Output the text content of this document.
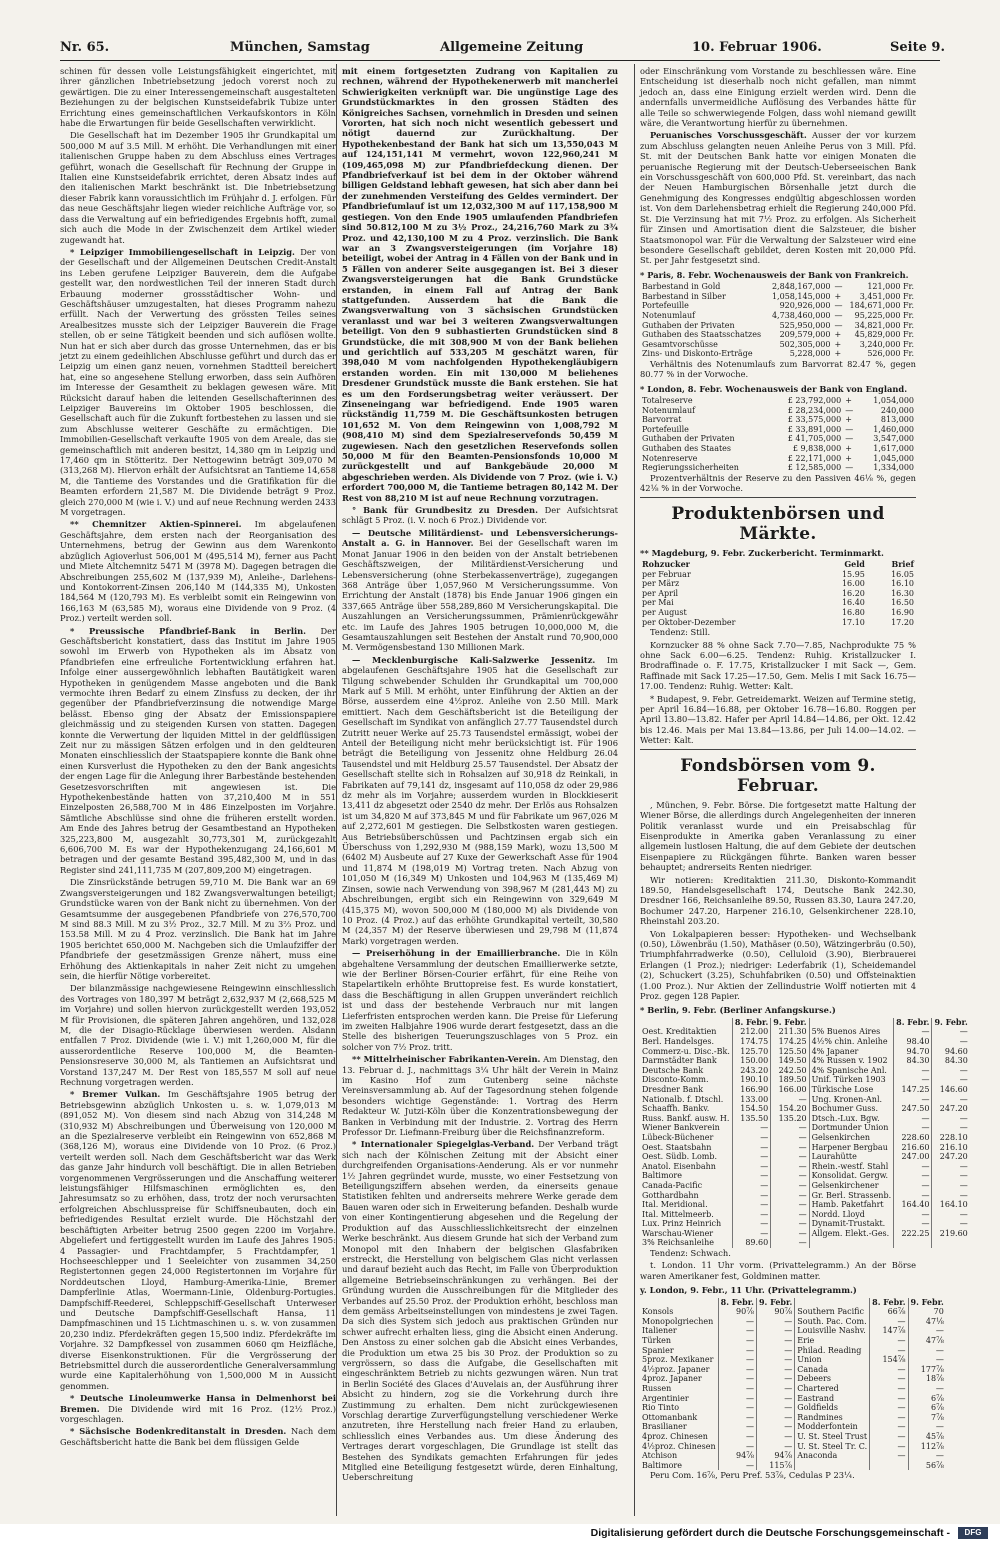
Nr. 65.	München, Samstag	Allgemeine Zeitung	10. Februar 1906.	Seite 9.

schinen für dessen volle Leistungsfähigkeit eingerichtet, mit ihrer gänzlichen Inbetriebsetzung jedoch vorerst noch zu gewärtigen. Die zu einer Interessengemeinschaft ausgestalteten Beziehungen zu der belgischen Kunstseidefabrik Tubize unter Errichtung eines gemeinschaftlichen Verkaufskontors in Köln habe die Erwartungen für beide Gesellschaften verwirklicht.

Die Gesellschaft hat im Dezember 1905 ihr Grundkapital um 500,000 M auf 3.5 Mill. M erhöht. Die Verhandlungen mit einer italienischen Gruppe haben zu dem Abschluss eines Vertrages geführt, wonach die Gesellschaft für Rechnung der Gruppe in Italien eine Kunstseidefabrik errichtet, deren Absatz indes auf den italienischen Markt beschränkt ist. Die Inbetriebsetzung dieser Fabrik kann voraussichtlich im Frühjahr d. J. erfolgen. Für das neue Geschäftsjahr liegen wieder reichliche Aufträge vor, so dass die Verwaltung auf ein befriedigendes Ergebnis hofft, zumal sich auch die Mode in der Zwischenzeit dem Artikel wieder zugewandt hat.

* Leipziger Immobiliengesellschaft in Leipzig. Der von der Gesellschaft und der Allgemeinen Deutschen Credit-Anstalt ins Leben gerufene Leipziger Bauverein, dem die Aufgabe gestellt war, den nordwestlichen Teil der inneren Stadt durch Erbauung moderner grossstädtischer Wohn- und Geschäftshäuser umzugestalten, hat dieses Programm nahezu erfüllt. Nach der Verwertung des grössten Teiles seines Arealbesitzes musste sich der Leipziger Bauverein die Frage stellen, ob er seine Tätigkeit beenden und sich auflösen wollte. Nun hat er sich aber durch das grosse Unternehmen, das er bis jetzt zu einem gedeihlichen Abschlusse geführt und durch das er Leipzig um einen ganz neuen, vornehmen Stadtteil bereichert hat, eine so angesehene Stellung erworben, dass sein Aufhören im Interesse der Gesamtheit zu beklagen gewesen wäre. Mit Rücksicht darauf haben die leitenden Gesellschafterinnen des Leipziger Bauvereins im Oktober 1905 beschlossen, die Gesellschaft auch für die Zukunft fortbestehen zu lassen und sie zum Abschlusse weiterer Geschäfte zu ermächtigen. Die Immobilien-Gesellschaft verkaufte 1905 von dem Areale, das sie gemeinschaftlich mit anderen besitzt, 14,380 qm in Leipzig und 17,460 qm in Stötteritz. Der Nettogewinn beträgt 309,070 M (313,268 M). Hiervon erhält der Aufsichtsrat an Tantieme 14,658 M, die Tantieme des Vorstandes und die Gratifikation für die Beamten erfordern 21,587 M. Die Dividende beträgt 9 Proz. gleich 270,000 M (wie i. V.) und auf neue Rechnung werden 2433 M vorgetragen.

** Chemnitzer Aktien-Spinnerei. Im abgelaufenen Geschäftsjahre, dem ersten nach der Reorganisation des Unternehmens, betrug der Gewinn aus dem Warenkonto abzüglich Agioverlust 506,001 M (495,514 M), ferner aus Pacht und Miete Altchemnitz 5471 M (3978 M). Dagegen betragen die Abschreibungen 255,602 M (137,939 M), Anleihe-, Darlehens- und Kontokorrent-Zinsen 206,140 M (144,335 M), Unkosten 184,564 M (120,793 M). Es verbleibt somit ein Reingewinn von 166,163 M (63,585 M), woraus eine Dividende von 9 Proz. (4 Proz.) verteilt werden soll.

* Preussische Pfandbrief-Bank in Berlin. Der Geschäftsbericht konstatiert, dass das Institut im Jahre 1905 sowohl im Erwerb von Hypotheken als im Absatz von Pfandbriefen eine erfreuliche Fortentwicklung erfahren hat. Infolge einer aussergewöhnlich lebhaften Bautätigkeit waren Hypotheken in genügendem Masse angeboten und die Bank vermochte ihren Bedarf zu einem Zinsfuss zu decken, der ihr gegenüber der Pfandbriefverzinsung die notwendige Marge belässt. Ebenso ging der Absatz der Emissionspapiere gleichmässig und zu steigenden Kursen von statten. Dagegen konnte die Verwertung der liquiden Mittel in der geldflüssigen Zeit nur zu mässigen Sätzen erfolgen und in den geldteuren Monaten einschliesslich der Staatspapiere konnte die Bank ohne einen Kursverlust die Hypotheken zu den der Bank angesichts der engen Lage für die Anlegung ihrer Barbestände bestehenden Gesetzesvorschriften mit angewiesen ist. Die Hypothekenbestände hatten von 37,210,400 M in 551 Einzelposten 26,588,700 M in 486 Einzelposten im Vorjahre. Sämtliche Abschlüsse sind ohne die früheren erstellt worden. Am Ende des Jahres betrug der Gesamtbestand an Hypotheken 325,223,800 M, ausgezahlt 30,773,301 M, zurückgezahlt 6,606,700 M. Es war der Hypothekenzugang 24,166,601 M betragen und der gesamte Bestand 395,482,300 M, und in das Register sind 241,111,735 M (207,809,200 M) eingetragen.

Die Zinsrückstände betrugen 59,710 M. Die Bank war an 69 Zwangsversteigerungen und 182 Zwangsverwaltungen beteiligt; Grundstücke waren von der Bank nicht zu übernehmen. Von der Gesamtsumme der ausgegebenen Pfandbriefe von 276,570,700 M sind 88.3 Mill. M zu 3½ Proz., 32.7 Mill. M zu 3⅔ Proz. und 153.58 Mill. M zu 4 Proz. verzinslich. Die Bank hat im Jahre 1905 berichtet 650,000 M. Nachgeben sich die Umlaufziffer der Pfandbriefe der gesetzmässigen Grenze nähert, muss eine Erhöhung des Aktienkapitals in naher Zeit nicht zu umgehen sein, die hierfür Nötige vorbereitet.

Der bilanzmässige nachgewiesene Reingewinn einschliesslich des Vortrages von 180,397 M beträgt 2,632,937 M (2,668,525 M im Vorjahre) und sollen hiervon zurückgestellt werden 193,052 M für Provisionen, die späteren Jahren angehören, und 132,028 M, die der Disagio-Rücklage überwiesen werden. Alsdann entfallen 7 Proz. Dividende (wie i. V.) mit 1,260,000 M, für die ausserordentliche Reserve 100,000 M, die Beamten-Pensionsreserve 30,000 M, als Tantiemen an Aufsichtsrat und Vorstand 137,247 M. Der Rest von 185,557 M soll auf neue Rechnung vorgetragen werden.

* Bremer Vulkan. Im Geschäftsjahre 1905 betrug der Betriebsgewinn abzüglich Unkosten u. s. w. 1,079,013 M (891,052 M). Von diesem sind nach Abzug von 314,248 M (310,932 M) Abschreibungen und Überweisung von 120,000 M an die Spezialreserve verbleibt ein Reingewinn von 652,868 M (368,126 M), woraus eine Dividende von 10 Proz. (6 Proz.) verteilt werden soll. Nach dem Geschäftsbericht war das Werk das ganze Jahr hindurch voll beschäftigt. Die in allen Betrieben vorgenommenen Vergrösserungen und die Anschaffung weiterer leistungsfähiger Hilfsmaschinen ermöglichten es, den Jahresumsatz so zu erhöhen, dass, trotz der noch verursachten erfolgreichen Abschlusspreise für Schiffsneubauten, doch ein befriedigendes Resultat erzielt wurde. Die Höchstzahl der beschäftigten Arbeiter betrug 2500 gegen 2200 im Vorjahre. Abgeliefert und fertiggestellt wurden im Laufe des Jahres 1905: 4 Passagier- und Frachtdampfer, 5 Frachtdampfer, 1 Hochseeschlepper und 1 Seeleichter von zusammen 34,250 Registertonnen gegen 24,000 Registertonnen im Vorjahre für Norddeutschen Lloyd, Hamburg-Amerika-Linie, Bremer Dampferlinie Atlas, Woermann-Linie, Oldenburg-Portugies. Dampfschiff-Reederei, Schleppschiff-Gesellschaft Unterweser und Deutsche Dampfschiff-Gesellschaft Hansa, 11 Dampfmaschinen und 15 Lichtmaschinen u. s. w. von zusammen 20,230 indiz. Pferdekräften gegen 15,500 indiz. Pferdekräfte im Vorjahre. 32 Dampfkessel von zusammen 6060 qm Heizfläche, diverse Eisenkonstruktionen. Für die Vergrösserung der Betriebsmittel durch die ausserordentliche Generalversammlung wurde eine Kapitalerhöhung von 1,500,000 M in Aussicht genommen.

* Deutsche Linoleumwerke Hansa in Delmenhorst bei Bremen. Die Dividende wird mit 16 Proz. (12½ Proz.) vorgeschlagen.

* Sächsische Bodenkreditanstalt in Dresden. Nach dem Geschäftsbericht hatte die Bank bei dem flüssigen Gelde

mit einem fortgesetzten Zudrang von Kapitalien zu rechnen, während der Hypothekenerwerb mit mancherlei Schwierigkeiten verknüpft war. Die ungünstige Lage des Grundstückmarktes in den grossen Städten des Königreiches Sachsen, vornehmlich in Dresden und seinen Vororten, hat sich noch nicht wesentlich gebessert und nötigt dauernd zur Zurückhaltung. Der Hypothekenbestand der Bank hat sich um 13,550,043 M auf 124,151,141 M vermehrt, wovon 122,960,241 M (109,465,098 M) zur Pfandbriefdeckung dienen. Der Pfandbriefverkauf ist bei dem in der Oktober während billigen Geldstand lebhaft gewesen, hat sich aber dann bei der zunehmenden Versteifung des Geldes vermindert. Der Pfandbriefumlauf ist um 12,032,300 M auf 117,158,900 M gestiegen. Von den Ende 1905 umlaufenden Pfandbriefen sind 50.812,100 M zu 3½ Proz., 24,216,760 Mark zu 3¾ Proz. und 42,130,100 M zu 4 Proz. verzinslich. Die Bank war an 3 Zwangsversteigerungen (im Vorjahre 18) beteiligt, wobei der Antrag in 4 Fällen von der Bank und in 5 Fällen von anderer Seite ausgegangen ist. Bei 3 dieser Zwangsversteigerungen hat die Bank Grundstücke erstanden, in einem Fall auf Antrag der Bank stattgefunden. Ausserdem hat die Bank die Zwangsverwaltung von 3 sächsischen Grundstücken veranlasst und war bei 3 weiteren Zwangsverwaltungen beteiligt. Von den 9 subhastierten Grundstücken sind 8 Grundstücke, die mit 308,900 M von der Bank beliehen und gerichtlich auf 533,205 M geschätzt waren, für 398,040 M vom nachfolgenden Hypothekengläubigern erstanden worden. Ein mit 130,000 M beliehenes Dresdener Grundstück musste die Bank erstehen. Sie hat es um den Fordserungsbetrag weiter veräussert. Der Zinseneingang war befriedigend. Ende 1905 waren rückständig 11,759 M. Die Geschäftsunkosten betrugen 101,652 M. Von dem Reingewinn von 1,008,792 M (908,410 M) sind dem Spezialreservefonds 50,459 M zugewiesen. Nach den gesetzlichen Reservefonds sollen 50,000 M für den Beamten-Pensionsfonds 10,000 M zurückgestellt und auf Bankgebäude 20,000 M abgeschrieben werden. Als Dividende von 7 Proz. (wie i. V.) erfordert 700,000 M, die Tantieme betragen 80,142 M. Der Rest von 88,210 M ist auf neue Rechnung vorzutragen.

° Bank für Grundbesitz zu Dresden. Der Aufsichtsrat schlägt 5 Proz. (i. V. noch 6 Proz.) Dividende vor.

— Deutsche Militärdienst- und Lebensversicherungs-Anstalt a. G. in Hannover. Bei der Gesellschaft waren im Monat Januar 1906 in den beiden von der Anstalt betriebenen Geschäftszweigen, der Militärdienst-Versicherung und Lebensversicherung (ohne Sterbekassenverträge), zugegangen 368 Anträge über 1,057,960 M Versicherungssumme. Von Errichtung der Anstalt (1878) bis Ende Januar 1906 gingen ein 337,665 Anträge über 558,289,860 M Versicherungskapital. Die Auszahlungen an Versicherungssummen, Prämienrückgewähr etc. im Laufe des Jahres 1905 betrugen 10,000,000 M, die Gesamtauszahlungen seit Bestehen der Anstalt rund 70,900,000 M. Vermögensbestand 130 Millionen Mark.

— Mecklenburgische Kali-Salzwerke Jessenitz. Im abgelaufenen Geschäftsjahre 1905 hat die Gesellschaft zur Tilgung schwebender Schulden ihr Grundkapital um 700,000 Mark auf 5 Mill. M erhöht, unter Einführung der Aktien an der Börse, ausserdem eine 4½proz. Anleihe von 2.50 Mill. Mark emittiert. Nach dem Geschäftsbericht ist die Beteiligung der Gesellschaft im Syndikat von anfänglich 27.77 Tausendstel durch Zutritt neuer Werke auf 25.73 Tausendstel ermässigt, wobei der Anteil der Beteiligung nicht mehr berücksichtigt ist. Für 1906 beträgt die Beteiligung von Jessenitz ohne Heldburg 26.04 Tausendstel und mit Heldburg 25.57 Tausendstel. Der Absatz der Gesellschaft stellte sich in Rohsalzen auf 30,918 dz Reinkali, in Fabrikaten auf 79,141 dz, insgesamt auf 110,058 dz oder 29,986 dz mehr als im Vorjahre; ausserdem wurden in Blockkieserit 13,411 dz abgesetzt oder 2540 dz mehr. Der Erlös aus Rohsalzen ist um 34,820 M auf 373,845 M und für Fabrikate um 967,026 M auf 2,272,601 M gestiegen. Die Selbstkosten waren gestiegen. Aus Betriebsüberschüssen und Pachtzinsen ergab sich ein Überschuss von 1,292,930 M (988,159 Mark), wozu 13,500 M (6402 M) Ausbeute auf 27 Kuxe der Gewerkschaft Asse für 1904 und 11,874 M (198,019 M) Vortrag treten. Nach Abzug von 101,050 M (16,349 M) Unkosten und 104,963 M (135,469 M) Zinsen, sowie nach Verwendung von 398,967 M (281,443 M) zu Abschreibungen, ergibt sich ein Reingewinn von 329,649 M (415,375 M), wovon 500,000 M (180,000 M) als Dividende von 10 Proz. (4 Proz.) auf das erhöhte Grundkapital verteilt, 30,580 M (24,357 M) der Reserve überwiesen und 29,798 M (11,874 Mark) vorgetragen werden.

— Preiserhöhung in der Emaillierbranche. Die in Köln abgehaltene Versammlung der deutschen Emaillierwerke setzte, wie der Berliner Börsen-Courier erfährt, für eine Reihe von Stapelartikeln erhöhte Bruttopreise fest. Es wurde konstatiert, dass die Beschäftigung in allen Gruppen unverändert reichlich ist und dass der bestehende Verbrauch nur mit langen Lieferfristen entsprochen werden kann. Die Preise für Lieferung im zweiten Halbjahre 1906 wurde derart festgesetzt, dass an die Stelle des bisherigen Teuerungszuschlages von 5 Proz. ein solcher von 7½ Proz. tritt.

** Mittelrheinischer Fabrikanten-Verein. Am Dienstag, den 13. Februar d. J., nachmittags 3¼ Uhr hält der Verein in Mainz im Kasino Hof zum Gutenberg seine nächste Vereinsversammlung ab. Auf der Tagesordnung stehen folgende besonders wichtige Gegenstände: 1. Vortrag des Herrn Redakteur W. Jutzi-Köln über die Konzentrationsbewegung der Banken in Verbindung mit der Industrie. 2. Vortrag des Herrn Professor Dr. Liefmann-Freiburg über die Reichsfinanzreform.

* Internationaler Spiegelglas-Verband. Der Verband trägt sich nach der Kölnischen Zeitung mit der Absicht einer durchgreifenden Organisations-Aenderung. Als er vor nunmehr 1½ Jahren gegründet wurde, musste, wo einer Festsetzung von Beteiligungsziffern absehen werden, da einerseits genaue Statistiken fehlten und andrerseits mehrere Werke gerade dem Bauen waren oder sich in Erweiterung befanden. Deshalb wurde von einer Kontingentierung abgesehen und die Regelung der Produktion auf das Ausschliesslichkeitsrecht der einzelnen Werke beschränkt. Aus diesem Grunde hat sich der Verband zum Monopol mit den Inhabern der belgischen Glasfabriken erstreckt, die Herstellung von belgischem Glas nicht verlassen und darauf bezieht auch das Recht, im Falle von Überproduktion allgemeine Betriebseinschränkungen zu verhängen. Bei der Gründung wurden die Ausschreibungen für die Mitglieder des Verbandes auf 25.50 Proz. der Produktion erhöht, beschloss man dem gemäss Arbeitseinstellungen von mindestens je zwei Tagen. Da sich dies System sich jedoch aus praktischen Gründen nur schwer aufrecht erhalten liess, ging die Absicht einen Anderung. Den Anstoss zu einer solchen gab die Absicht eines Verbandes, die Produktion um etwa 25 bis 30 Proz. der Produktion so zu vergrössern, so dass die Aufgabe, die Gesellschaften mit eingeschränktem Betrieb zu nichts gezwungen wären. Nun trat in Berlin Société des Glaces d'Auvelais an, der Ausführung ihrer Absicht zu hindern, zog sie die Vorkehrung durch ihre Zustimmung zu erhalten. Dem nicht zurückgewiesenen Vorschlag derartige Zurverfügungstellung verschiedener Werke anzutreten, ihre Herstellung nach freier Hand zu erlauben, schliesslich eines Verbandes aus. Um diese Änderung des Vertrages derart vorgeschlagen, Die Grundlage ist stellt das Bestehen des Syndikats gemachten Erfahrungen für jedes Mitglied eine Beteiligung festgesetzt würde, deren Einhaltung, Ueberschreitung

oder Einschränkung vom Vorstande zu beschliessen wäre. Eine Entscheidung ist dieserhalb noch nicht gefallen, man nimmt jedoch an, dass eine Einigung erzielt werden wird. Denn die andernfalls unvermeidliche Auflösung des Verbandes hätte für alle Teile so schwerwiegende Folgen, dass wohl niemand gewillt wäre, die Verantwortung hierfür zu übernehmen.

Peruanisches Vorschussgeschäft. Ausser der vor kurzem zum Abschluss gelangten neuen Anleihe Perus von 3 Mill. Pfd. St. mit der Deutschen Bank hatte vor einigen Monaten die peruanische Regierung mit der Deutsch-Ueberseeischen Bank ein Vorschussgeschäft von 600,000 Pfd. St. vereinbart, das nach der Neuen Hamburgischen Börsenhalle jetzt durch die Genehmigung des Kongresses endgültig abgeschlossen worden ist. Von dem Darlehensbetrag erhielt die Regierung 240,000 Pfd. St. Die Verzinsung hat mit 7½ Proz. zu erfolgen. Als Sicherheit für Zinsen und Amortisation dient die Salzsteuer, die bisher Staatsmonopol war. Für die Verwaltung der Salzsteuer wird eine besondere Gesellschaft gebildet, deren Kosten mit 20,000 Pfd. St. per Jahr festgesetzt sind.

* Paris, 8. Febr. Wochenausweis der Bank von Frankreich.
Barbestand in Gold	2,848,167,000	—	121,000 Fr.
Barbestand in Silber	1,058,145,000	+	3,451,000 Fr.
Portefeuille	920,926,000	—	184,671,000 Fr.
Notenumlauf	4,738,460,000	—	95,225,000 Fr.
Guthaben der Privaten	525,950,000	—	34,821,000 Fr.
Guthaben des Staatsschatzes	209,579,000	+	45,829,000 Fr.
Gesamtvorschüsse	502,305,000	+	3,240,000 Fr.
Zins- und Diskonto-Erträge	5,228,000	+	526,000 Fr.

Verhältnis des Notenumlaufs zum Barvorrat 82.47 %, gegen 80.77 % in der Vorwoche.

* London, 8. Febr. Wochenausweis der Bank von England.
Totalreserve	£ 23,792,000	+	1,054,000
Notenumlauf	£ 28,234,000	—	240,000
Barvorrat	£ 33,575,000	+	813,000
Portefeuille	£ 33,891,000	—	1,460,000
Guthaben der Privaten	£ 41,705,000	—	3,547,000
Guthaben des Staates	£ 9,838,000	+	1,617,000
Notenreserve	£ 22,171,000	+	1,045,000
Regierungssicherheiten	£ 12,585,000	—	1,334,000

Prozentverhältnis der Reserve zu den Passiven 46⅛ %, gegen 42⅛ % in der Vorwoche.

Produktenbörsen und Märkte.
** Magdeburg, 9. Febr. Zuckerbericht. Terminmarkt.
Rohzucker	Geld	Brief
per Februar	15.95	16.05
per März	16.00	16.10
per April	16.20	16.30
per Mai	16.40	16.50
per August	16.80	16.90
per Oktober-Dezember	17.10	17.20

Tendenz: Still.

Kornzucker 88 % ohne Sack 7.70—7.85, Nachprodukte 75 % ohne Sack 6.00—6.25. Tendenz: Ruhig. Kristallzucker I. Brodraffinade o. F. 17.75, Kristallzucker I mit Sack —, Gem. Raffinade mit Sack 17.25—17.50, Gem. Melis I mit Sack 16.75—17.00. Tendenz: Ruhig. Wetter: Kalt.

* Budapest, 9. Febr. Getreidemarkt. Weizen auf Termine stetig, per April 16.84—16.88, per Oktober 16.78—16.80. Roggen per April 13.80—13.82. Hafer per April 14.84—14.86, per Okt. 12.42 bis 12.46. Mais per Mai 13.84—13.86, per Juli 14.00—14.02. — Wetter: Kalt.

Fondsbörsen vom 9. Februar.

, München, 9. Febr. Börse. Die fortgesetzt matte Haltung der Wiener Börse, die allerdings durch Angelegenheiten der inneren Politik veranlasst wurde und ein Preisabschlag für Eisenprodukte in Amerika gaben Veranlassung zu einer allgemein lustlosen Haltung, die auf dem Gebiete der deutschen Eisenpapiere zu Rückgängen führte. Banken waren besser behauptet; andrerseits Renten niedriger.

Wir notieren: Kreditaktien 211.30, Diskonto-Kommandit 189.50, Handelsgesellschaft 174, Deutsche Bank 242.30, Dresdner 166, Reichsanleihe 89.50, Russen 83.30, Laura 247.20, Bochumer 247.20, Harpener 216.10, Gelsenkirchener 228.10, Rheinstahl 203.20.

Von Lokalpapieren besser: Hypotheken- und Wechselbank (0.50), Löwenbräu (1.50), Mathäser (0.50), Wätzingerbräu (0.50), Triumphfahrradwerke (0.50), Celluloid (3.90), Bierbrauerei Erlangen (1 Proz.); niedriger: Lederfabrik (1), Scheidemandel (2), Schuckert (3.25), Schuhfabriken (0.50) und Offsteinaktien (1.00 Proz.). Nur Aktien der Zellindustrie Wolff notierten mit 4 Proz. gegen 128 Papier.

* Berlin, 9. Febr. (Berliner Anfangskurse.)
	8. Febr.	9. Febr.		8. Febr.	9. Febr.
Oest. Kreditaktien	212.00	211.30	5% Buenos Aires	—	—
Berl. Handelsges.	174.75	174.25	4½% chin. Anleihe	98.40	—
Commerz-u. Disc.-Bk.	125.70	125.50	4% Japaner	94.70	94.60
Darmstädter Bank	150.00	149.50	4% Russen v. 1902	84.30	84.30
Deutsche Bank	243.20	242.50	4% Spanische Anl.	—	—
Disconto-Komm.	190.10	189.50	Unif. Türken 1903	—	—
Dresdner Bank	166.90	166.00	Türkische Lose	147.25	146.60
Nationalb. f. Dtschl.	133.00	—	Ung. Kronen-Anl.	—	—
Schaaffh. Bankv.	154.50	154.20	Bochumer Guss.	247.50	247.20
Russ. Bankf. ausw. H.	135.50	135.20	Dtsch.-Lux. Bgw.	—	—
Wiener Bankverein	—	—	Dortmunder Union	—	—
Lübeck-Büchener	—	—	Gelsenkirchen	228.60	228.10
Oest. Staatsbahn	—	—	Harpener Bergbau	216.60	216.10
Oest. Südb. Lomb.	—	—	Laurahütte	247.00	247.20
Anatol. Eisenbahn	—	—	Rhein.-westf. Stahl	—	—
Baltimore	—	—	Konsolidat. Gergw.	—	—
Canada-Pacific	—	—	Gelsenkirchener	—	—
Gotthardbahn	—	—	Gr. Berl. Strassenb.	—	—
Ital. Meridional.	—	—	Hamb. Paketfahrt	164.40	164.10
Ital. Mittelmeerb.	—	—	Nordd. Lloyd	—	—
Lux. Prinz Heinrich	—	—	Dynamit-Trustakt.	—	—
Warschau-Wiener	—	—	Allgem. Elekt.-Ges.	222.25	219.60
3% Reichsanleihe	89.60	—			

Tendenz: Schwach.

t. London. 11 Uhr vorm. (Privattelegramm.) An der Börse waren Amerikaner fest, Goldminen matter.

y. London, 9. Febr., 11 Uhr. (Privattelegramm.)
	8. Febr.	9. Febr.		8. Febr.	9. Febr.
Konsols	90⅞	90⅞	Southern Pacific	66⅞	70
Monopolgriechen	—	—	South. Pac. Com.	—	47⅛
Italiener	—	—	Louisville Nashv.	147⅞	—
Türken	—	—	Erie	—	47⅞
Spanier	—	—	Philad. Reading	—	—
5proz. Mexikaner	—	—	Union	154⅞	—
4½proz. Japaner	—	—	Canada	—	177⅞
4proz. Japaner	—	—	Debeers	—	18⅞
Russen	—	—	Chartered	—	—
Argentinier	—	—	Eastrand	—	6⅞
Rio Tinto	—	—	Goldfields	—	6⅞
Ottomanbank	—	—	Randmines	—	7⅞
Brasilianer	—	—	Modderfontein	—	—
4proz. Chinesen	—	—	U. St. Steel Trust	—	45⅞
4½proz. Chinesen	—	—	U. St. Steel Tr. C.	—	112⅞
Atchison	94⅞	94⅞	Anaconda	—	—
Baltimore	—	115⅞			56⅞

Peru Com. 16⅞, Peru Pref. 53⅞, Cedulas P 23¼.

Digitalisierung gefördert durch die Deutsche Forschungsgemeinschaft -	DFG
